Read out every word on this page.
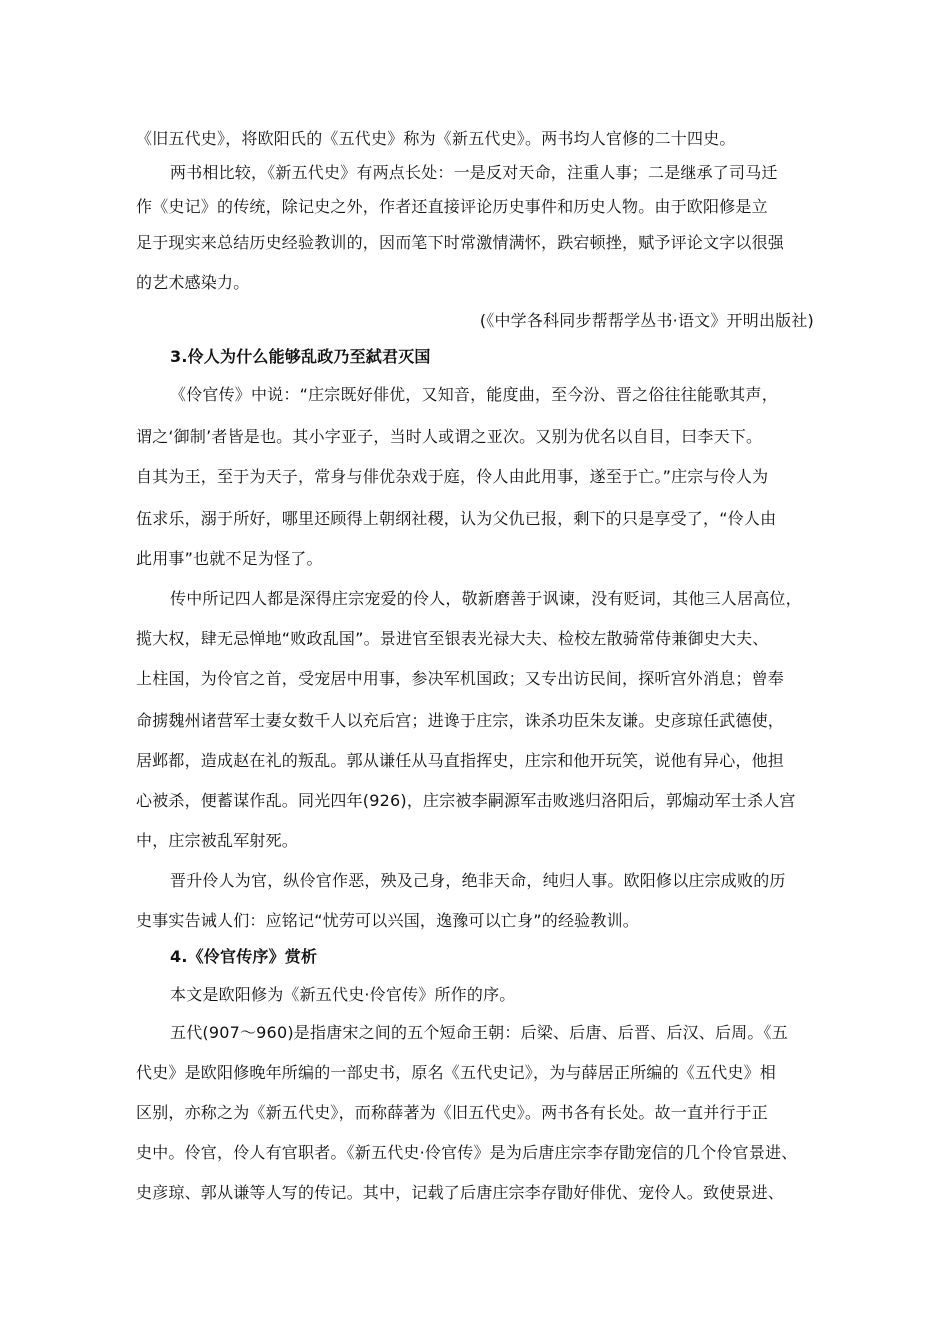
《旧五代史》，将欧阳氏的《五代史》称为《新五代史》。两书均人官修的二十四史。
两书相比较，《新五代史》有两点长处：一是反对天命，注重人事；二是继承了司马迁
作《史记》的传统，除记史之外，作者还直接评论历史事件和历史人物。由于欧阳修是立
足于现实来总结历史经验教训的，因而笔下时常激情满怀，跌宕顿挫，赋予评论文字以很强
的艺术感染力。
(《中学各科同步帮帮学丛书·语文》开明出版社)
3.伶人为什么能够乱政乃至弑君灭国
《伶官传》中说：“庄宗既好俳优，又知音，能度曲，至今汾、晋之俗往往能歌其声，
谓之‘御制’者皆是也。其小字亚子，当时人或谓之亚次。又别为优名以自目，曰李天下。
自其为王，至于为天子，常身与俳优杂戏于庭，伶人由此用事，遂至于亡。”庄宗与伶人为
伍求乐，溺于所好，哪里还顾得上朝纲社稷，认为父仇已报，剩下的只是享受了，“伶人由
此用事”也就不足为怪了。
传中所记四人都是深得庄宗宠爱的伶人，敬新磨善于讽谏，没有贬词，其他三人居高位，
揽大权，肆无忌惮地“败政乱国”。景进官至银表光禄大夫、检校左散骑常侍兼御史大夫、
上柱国，为伶官之首，受宠居中用事，参决军机国政；又专出访民间，探听宫外消息；曾奉
命掳魏州诸营军士妻女数千人以充后宫；进谗于庄宗，诛杀功臣朱友谦。史彦琼任武德使，
居邺都，造成赵在礼的叛乱。郭从谦任从马直指挥史，庄宗和他开玩笑，说他有异心，他担
心被杀，便蓄谋作乱。同光四年(926)，庄宗被李嗣源军击败逃归洛阳后，郭煽动军士杀人宫
中，庄宗被乱军射死。
晋升伶人为官，纵伶官作恶，殃及己身，绝非天命，纯归人事。欧阳修以庄宗成败的历
史事实告诫人们：应铭记“忧劳可以兴国，逸豫可以亡身”的经验教训。
4.《伶官传序》赏析
本文是欧阳修为《新五代史·伶官传》所作的序。
五代(907～960)是指唐宋之间的五个短命王朝：后梁、后唐、后晋、后汉、后周。《五
代史》是欧阳修晚年所编的一部史书，原名《五代史记》，为与薛居正所编的《五代史》相
区别，亦称之为《新五代史》，而称薛著为《旧五代史》。两书各有长处。故一直并行于正
史中。伶官，伶人有官职者。《新五代史·伶官传》是为后唐庄宗李存勖宠信的几个伶官景进、
史彦琼、郭从谦等人写的传记。其中，记载了后唐庄宗李存勖好俳优、宠伶人。致使景进、
